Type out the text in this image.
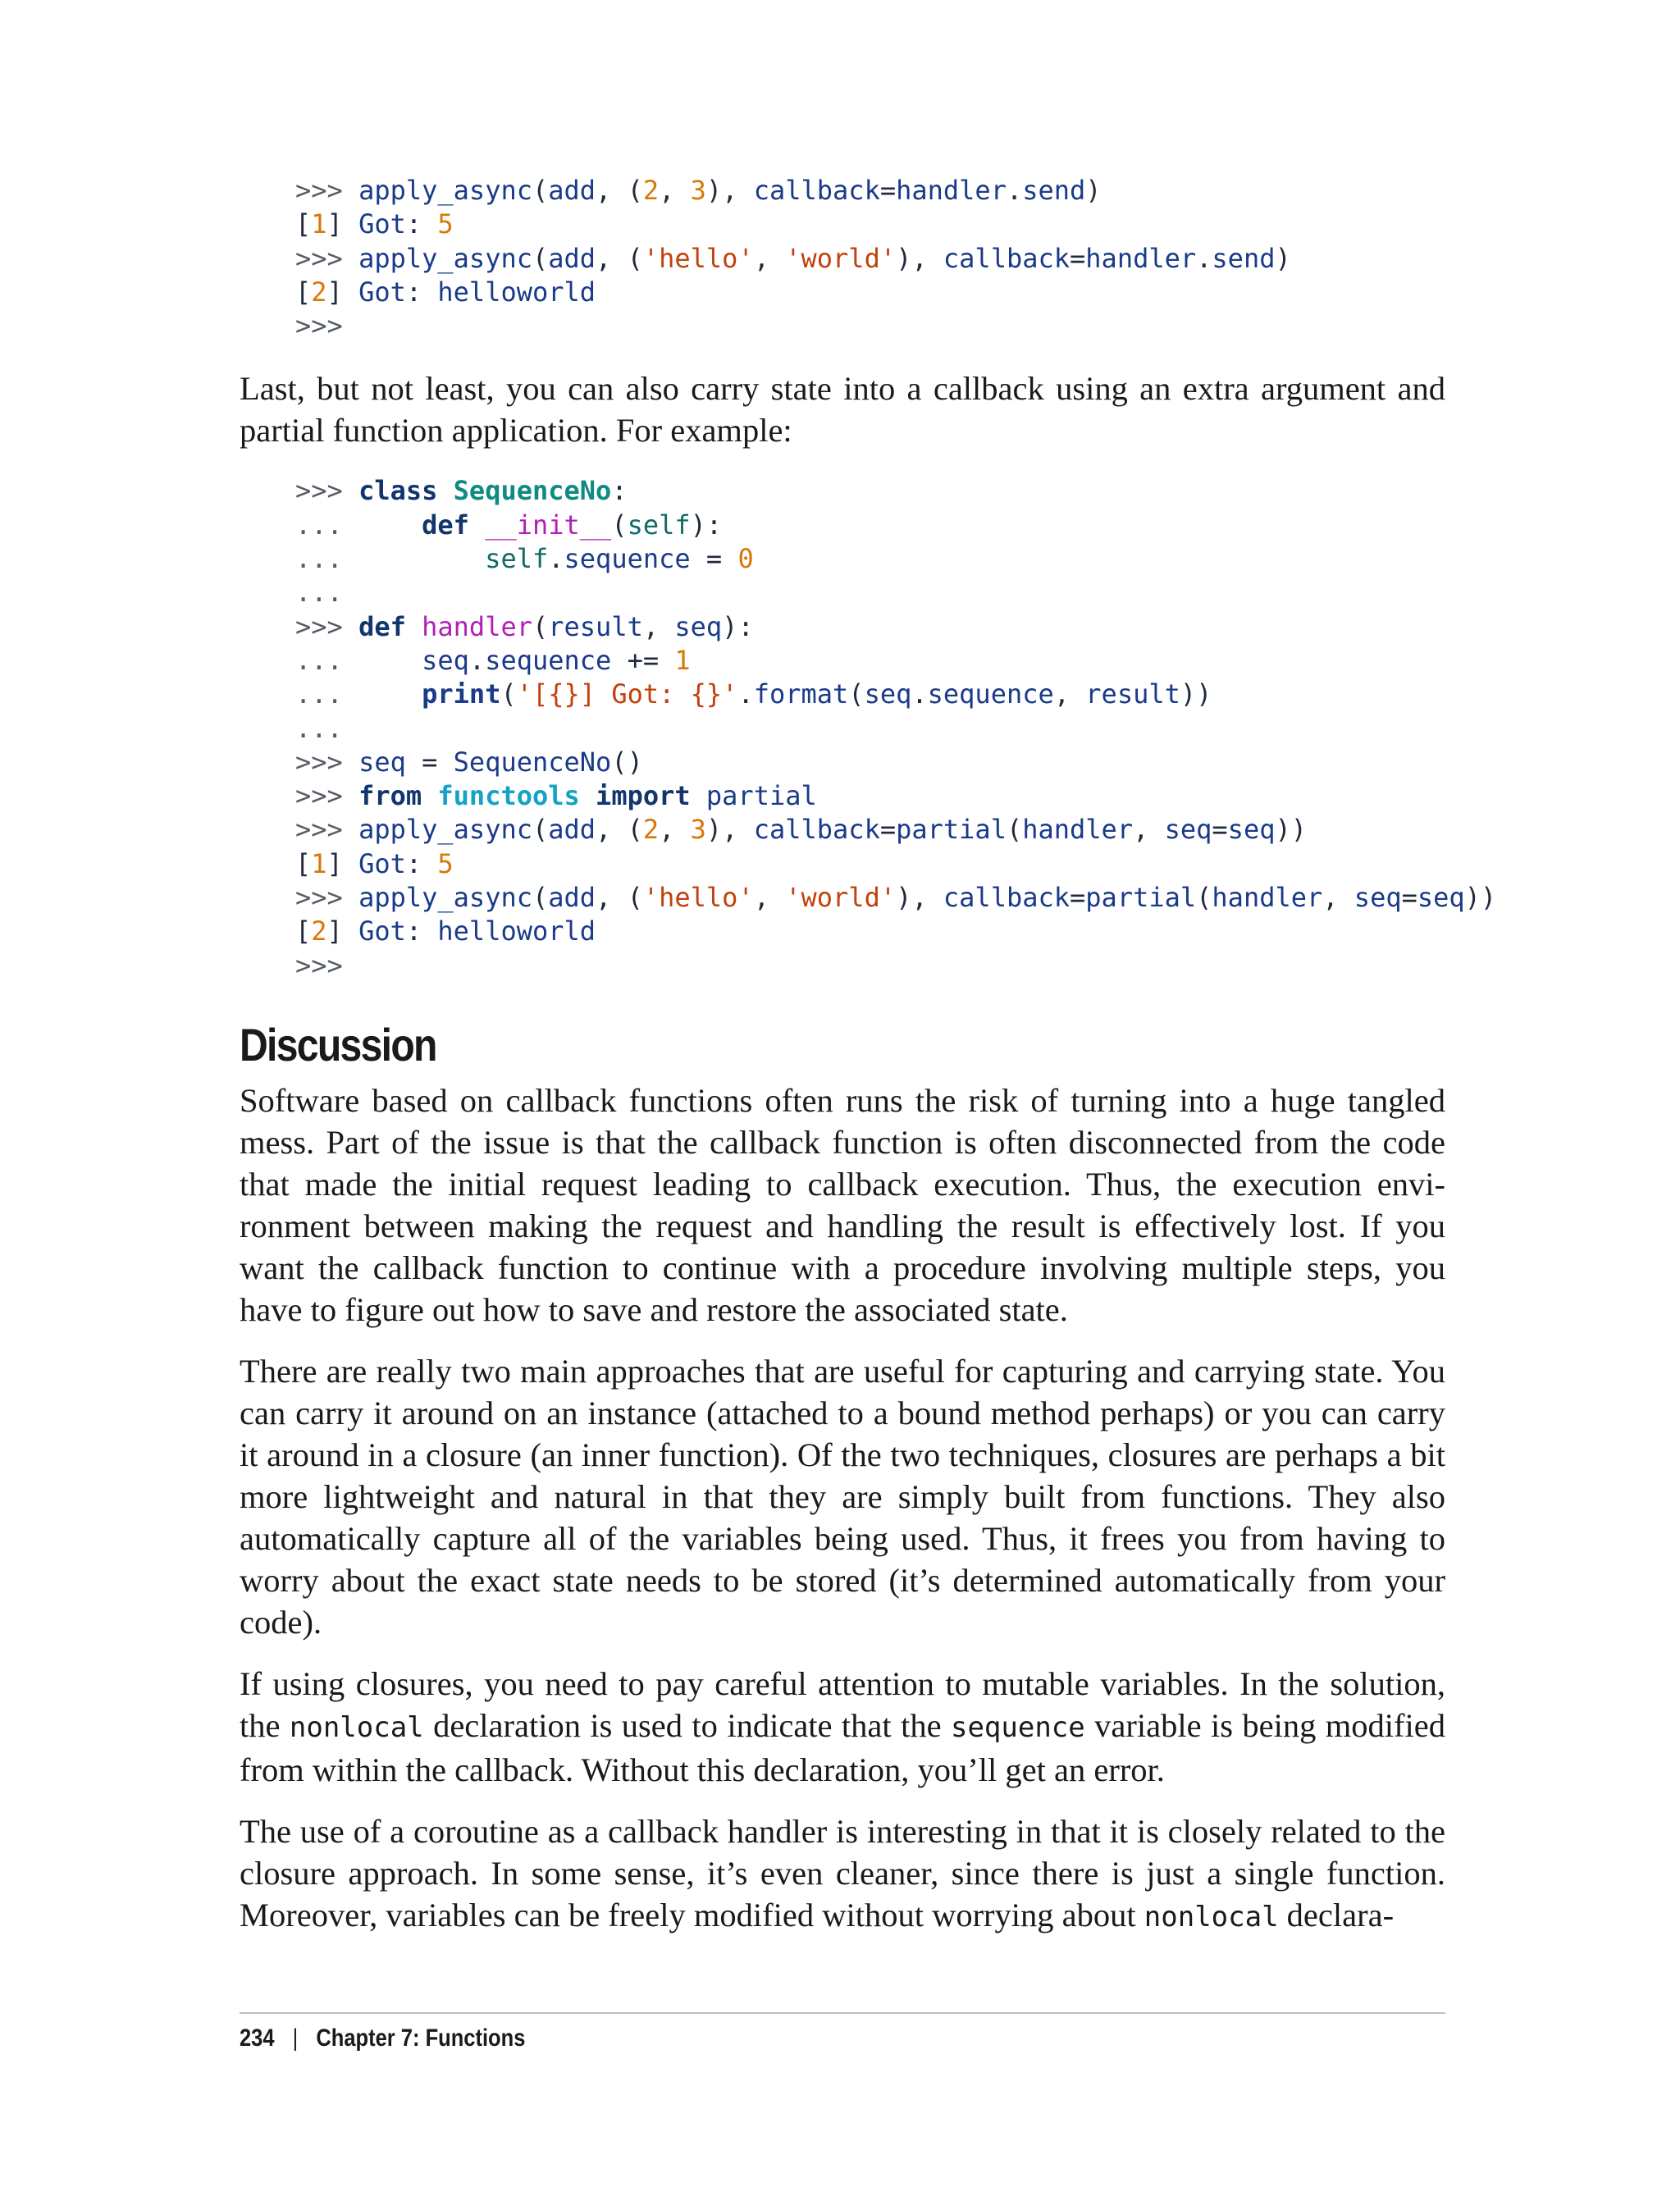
>>> apply_async(add, (2, 3), callback=handler.send)
[1] Got: 5
>>> apply_async(add, ('hello', 'world'), callback=handler.send)
[2] Got: helloworld
>>>

Last, but not least, you can also carry state into a callback using an extra argument and partial function application. For example:

>>> class SequenceNo:
...	def __init__(self):
...	self.sequence = 0
...
>>> def handler(result, seq):
...	seq.sequence += 1
...	print('[{}] Got: {}'.format(seq.sequence, result))
...
>>> seq = SequenceNo()
>>> from functools import partial
>>> apply_async(add, (2, 3), callback=partial(handler, seq=seq))
[1] Got: 5
>>> apply_async(add, ('hello', 'world'), callback=partial(handler, seq=seq))
[2] Got: helloworld
>>>
Discussion

Software based on callback functions often runs the risk of turning into a huge tangled mess. Part of the issue is that the callback function is often disconnected from the code that made the initial request leading to callback execution. Thus, the execution environment between making the request and handling the result is effectively lost. If you want the callback function to continue with a procedure involving multiple steps, you have to figure out how to save and restore the associated state.

There are really two main approaches that are useful for capturing and carrying state. You can carry it around on an instance (attached to a bound method perhaps) or you can carry it around in a closure (an inner function). Of the two techniques, closures are perhaps a bit more lightweight and natural in that they are simply built from functions. They also automatically capture all of the variables being used. Thus, it frees you from having to worry about the exact state needs to be stored (it’s determined automatically from your code).

If using closures, you need to pay careful attention to mutable variables. In the solution, the nonlocal declaration is used to indicate that the sequence variable is being modified from within the callback. Without this declaration, you’ll get an error.

The use of a coroutine as a callback handler is interesting in that it is closely related to the closure approach. In some sense, it’s even cleaner, since there is just a single function. Moreover, variables can be freely modified without worrying about nonlocal declara-

234 | Chapter 7: Functions
